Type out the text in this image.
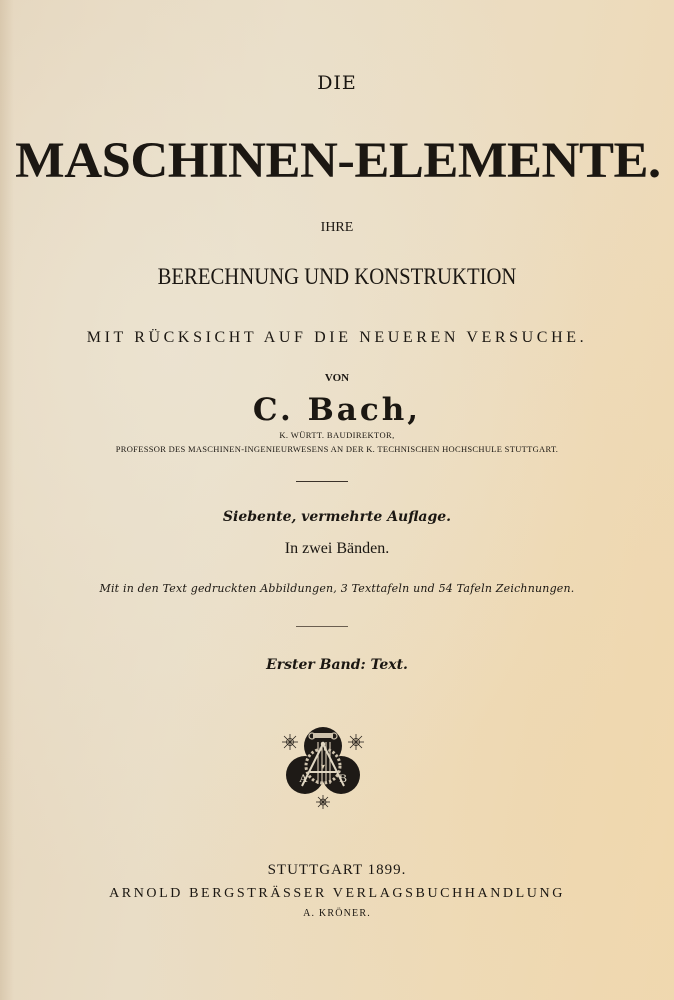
DIE
MASCHINEN-ELEMENTE.
IHRE
BERECHNUNG UND KONSTRUKTION
MIT RÜCKSICHT AUF DIE NEUEREN VERSUCHE.
VON
C. Bach,
K. WÜRTT. BAUDIREKTOR,
PROFESSOR DES MASCHINEN-INGENIEURWESENS AN DER K. TECHNISCHEN HOCHSCHULE STUTTGART.
Siebente, vermehrte Auflage.
In zwei Bänden.
Mit in den Text gedruckten Abbildungen, 3 Texttafeln und 54 Tafeln Zeichnungen.
Erster Band: Text.
A	B
STUTTGART 1899.
ARNOLD BERGSTRÄSSER VERLAGSBUCHHANDLUNG
A. KRÖNER.
